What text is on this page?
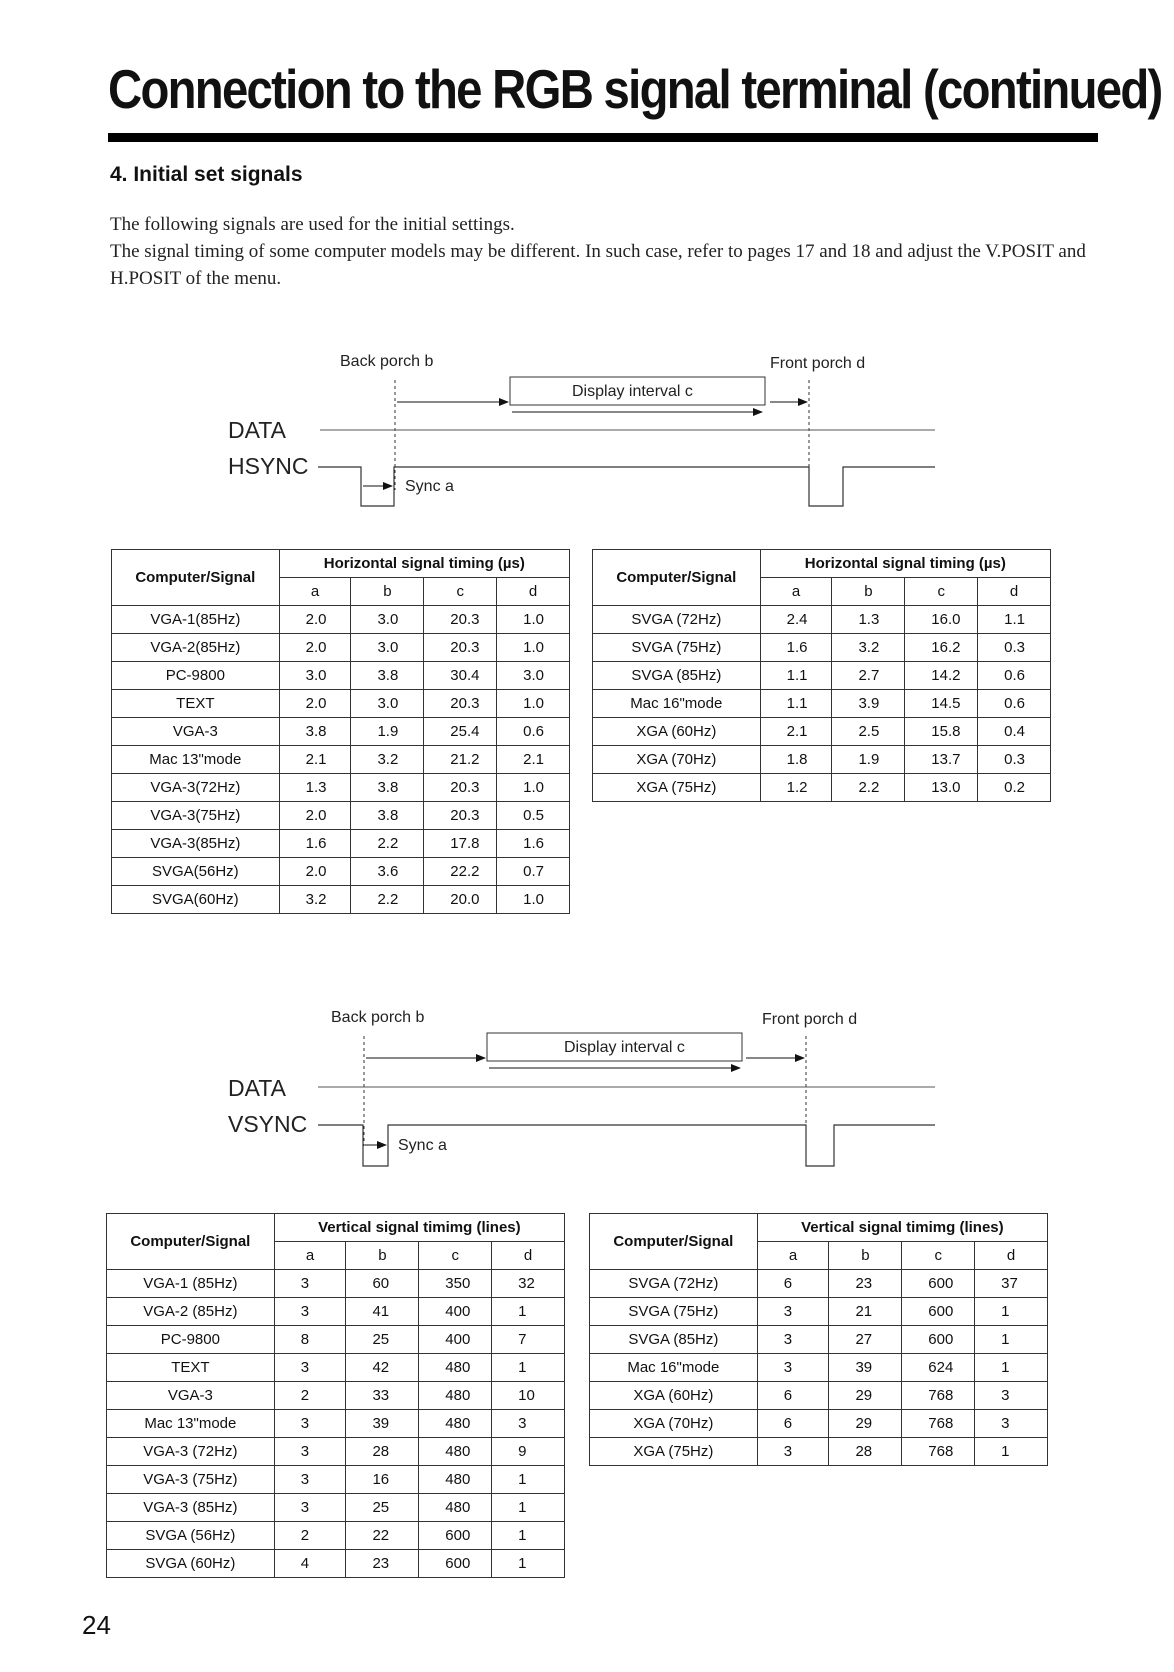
Connection to the RGB signal terminal (continued)
4. Initial set signals

The following signals are used for the initial settings.

The signal timing of some computer models may be different. In such case, refer to pages 17 and 18 and adjust the V.POSIT and H.POSIT of the menu.

Back porch b	Front porch d
Display interval c
DATA
HSYNC
Sync a
Computer/Signal	Horizontal signal timing (µs)			
	a	b	c	d
VGA-1(85Hz)	2.0	3.0	20.3	1.0
VGA-2(85Hz)	2.0	3.0	20.3	1.0
PC-9800	3.0	3.8	30.4	3.0
TEXT	2.0	3.0	20.3	1.0
VGA-3	3.8	1.9	25.4	0.6
Mac 13"mode	2.1	3.2	21.2	2.1
VGA-3(72Hz)	1.3	3.8	20.3	1.0
VGA-3(75Hz)	2.0	3.8	20.3	0.5
VGA-3(85Hz)	1.6	2.2	17.8	1.6
SVGA(56Hz)	2.0	3.6	22.2	0.7
SVGA(60Hz)	3.2	2.2	20.0	1.0
Computer/Signal	Horizontal signal timing (µs)			
	a	b	c	d
SVGA (72Hz)	2.4	1.3	16.0	1.1
SVGA (75Hz)	1.6	3.2	16.2	0.3
SVGA (85Hz)	1.1	2.7	14.2	0.6
Mac 16"mode	1.1	3.9	14.5	0.6
XGA (60Hz)	2.1	2.5	15.8	0.4
XGA (70Hz)	1.8	1.9	13.7	0.3
XGA (75Hz)	1.2	2.2	13.0	0.2
Back porch b	Front porch d
Display interval c
DATA
VSYNC
Sync a
Computer/Signal	Vertical signal timimg (lines)			
	a	b	c	d
VGA-1 (85Hz)	3	60	350	32
VGA-2 (85Hz)	3	41	400	1
PC-9800	8	25	400	7
TEXT	3	42	480	1
VGA-3	2	33	480	10
Mac 13"mode	3	39	480	3
VGA-3 (72Hz)	3	28	480	9
VGA-3 (75Hz)	3	16	480	1
VGA-3 (85Hz)	3	25	480	1
SVGA (56Hz)	2	22	600	1
SVGA (60Hz)	4	23	600	1
Computer/Signal	Vertical signal timimg (lines)			
	a	b	c	d
SVGA (72Hz)	6	23	600	37
SVGA (75Hz)	3	21	600	1
SVGA (85Hz)	3	27	600	1
Mac 16"mode	3	39	624	1
XGA (60Hz)	6	29	768	3
XGA (70Hz)	6	29	768	3
XGA (75Hz)	3	28	768	1

24
